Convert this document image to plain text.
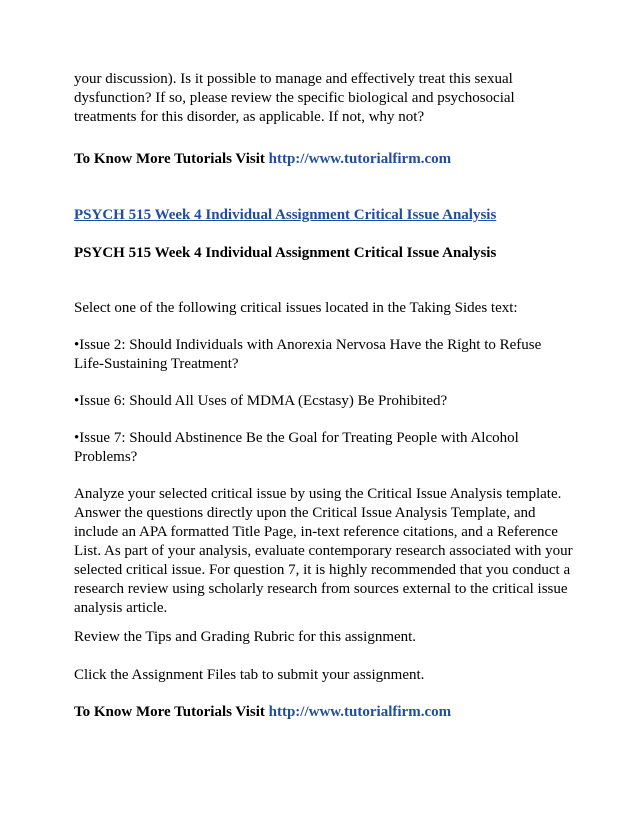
your discussion). Is it possible to manage and effectively treat this sexual
dysfunction? If so, please review the specific biological and psychosocial
treatments for this disorder, as applicable. If not, why not?
To Know More Tutorials Visit http://www.tutorialfirm.com
PSYCH 515 Week 4 Individual Assignment Critical Issue Analysis
PSYCH 515 Week 4 Individual Assignment Critical Issue Analysis
Select one of the following critical issues located in the Taking Sides text:
•Issue 2: Should Individuals with Anorexia Nervosa Have the Right to Refuse
Life-Sustaining Treatment?
•Issue 6: Should All Uses of MDMA (Ecstasy) Be Prohibited?
•Issue 7: Should Abstinence Be the Goal for Treating People with Alcohol
Problems?
Analyze your selected critical issue by using the Critical Issue Analysis template.
Answer the questions directly upon the Critical Issue Analysis Template, and
include an APA formatted Title Page, in-text reference citations, and a Reference
List. As part of your analysis, evaluate contemporary research associated with your
selected critical issue. For question 7, it is highly recommended that you conduct a
research review using scholarly research from sources external to the critical issue
analysis article.
Review the Tips and Grading Rubric for this assignment.
Click the Assignment Files tab to submit your assignment.
To Know More Tutorials Visit http://www.tutorialfirm.com
